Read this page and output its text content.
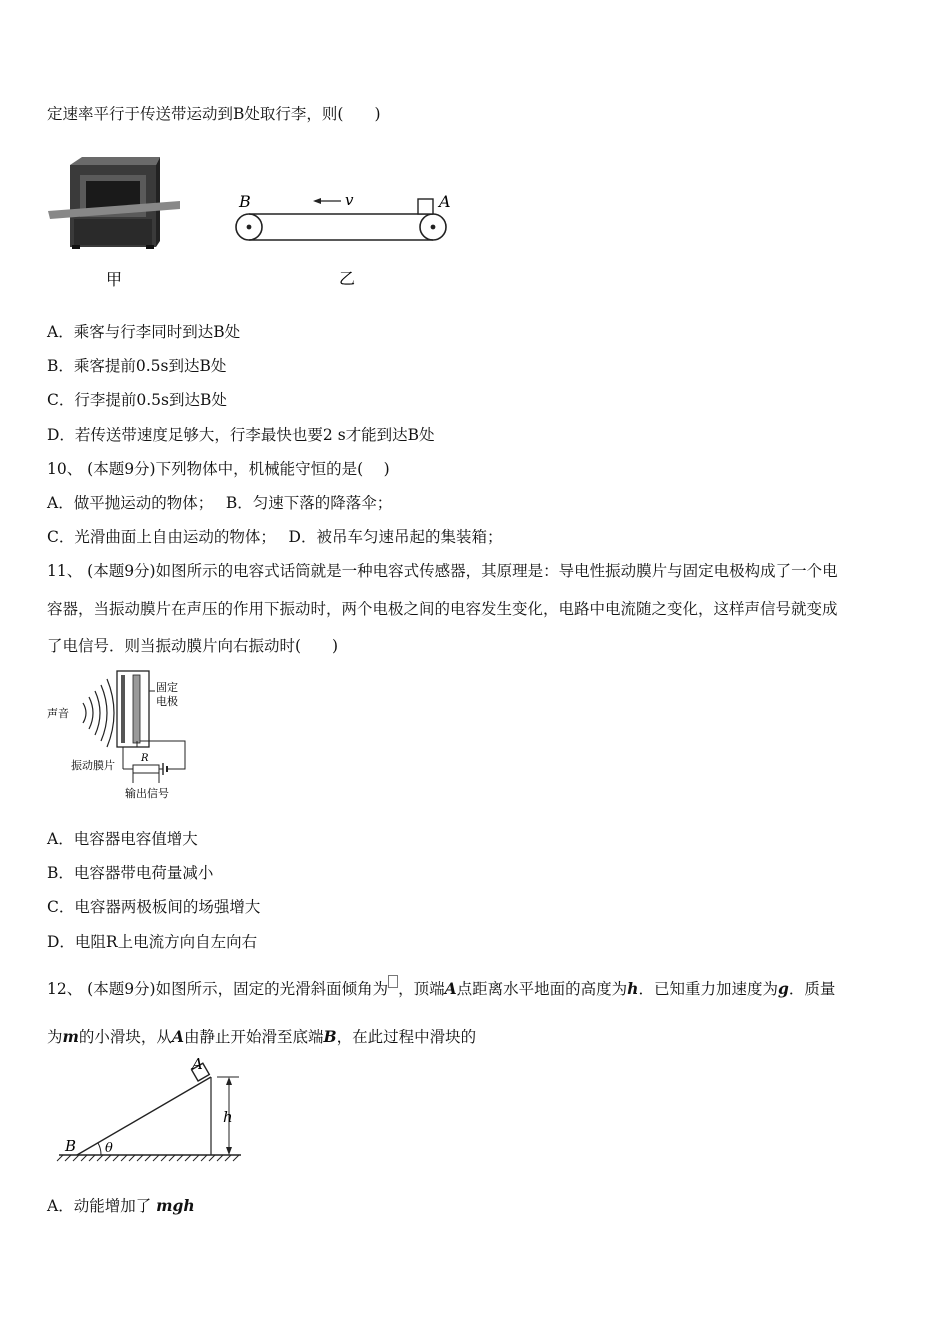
定速率平行于传送带运动到B处取行李，则(　　)
甲
B	A
v
乙
A．乘客与行李同时到达B处
B．乘客提前0.5s到达B处
C．行李提前0.5s到达B处
D．若传送带速度足够大，行李最快也要2 s才能到达B处
10、 (本题9分)下列物体中，机械能守恒的是(　 )
A．做平抛运动的物体；　 B．匀速下落的降落伞；
C．光滑曲面上自由运动的物体；　 D．被吊车匀速吊起的集装箱；
11、 (本题9分)如图所示的电容式话筒就是一种电容式传感器，其原理是：导电性振动膜片与固定电极构成了一个电
容器，当振动膜片在声压的作用下振动时，两个电极之间的电容发生变化，电路中电流随之变化，这样声信号就变成
了电信号．则当振动膜片向右振动时(　　)
声音
固定
电极
R
振动膜片
输出信号
A．电容器电容值增大
B．电容器带电荷量减小
C．电容器两极板间的场强增大
D．电阻R上电流方向自左向右
12、 (本题9分)如图所示，固定的光滑斜面倾角为 ，顶端A点距离水平地面的高度为h．已知重力加速度为g．质量
为m的小滑块，从A由静止开始滑至底端B，在此过程中滑块的
A
B
h
θ
A．动能增加了 mgh
